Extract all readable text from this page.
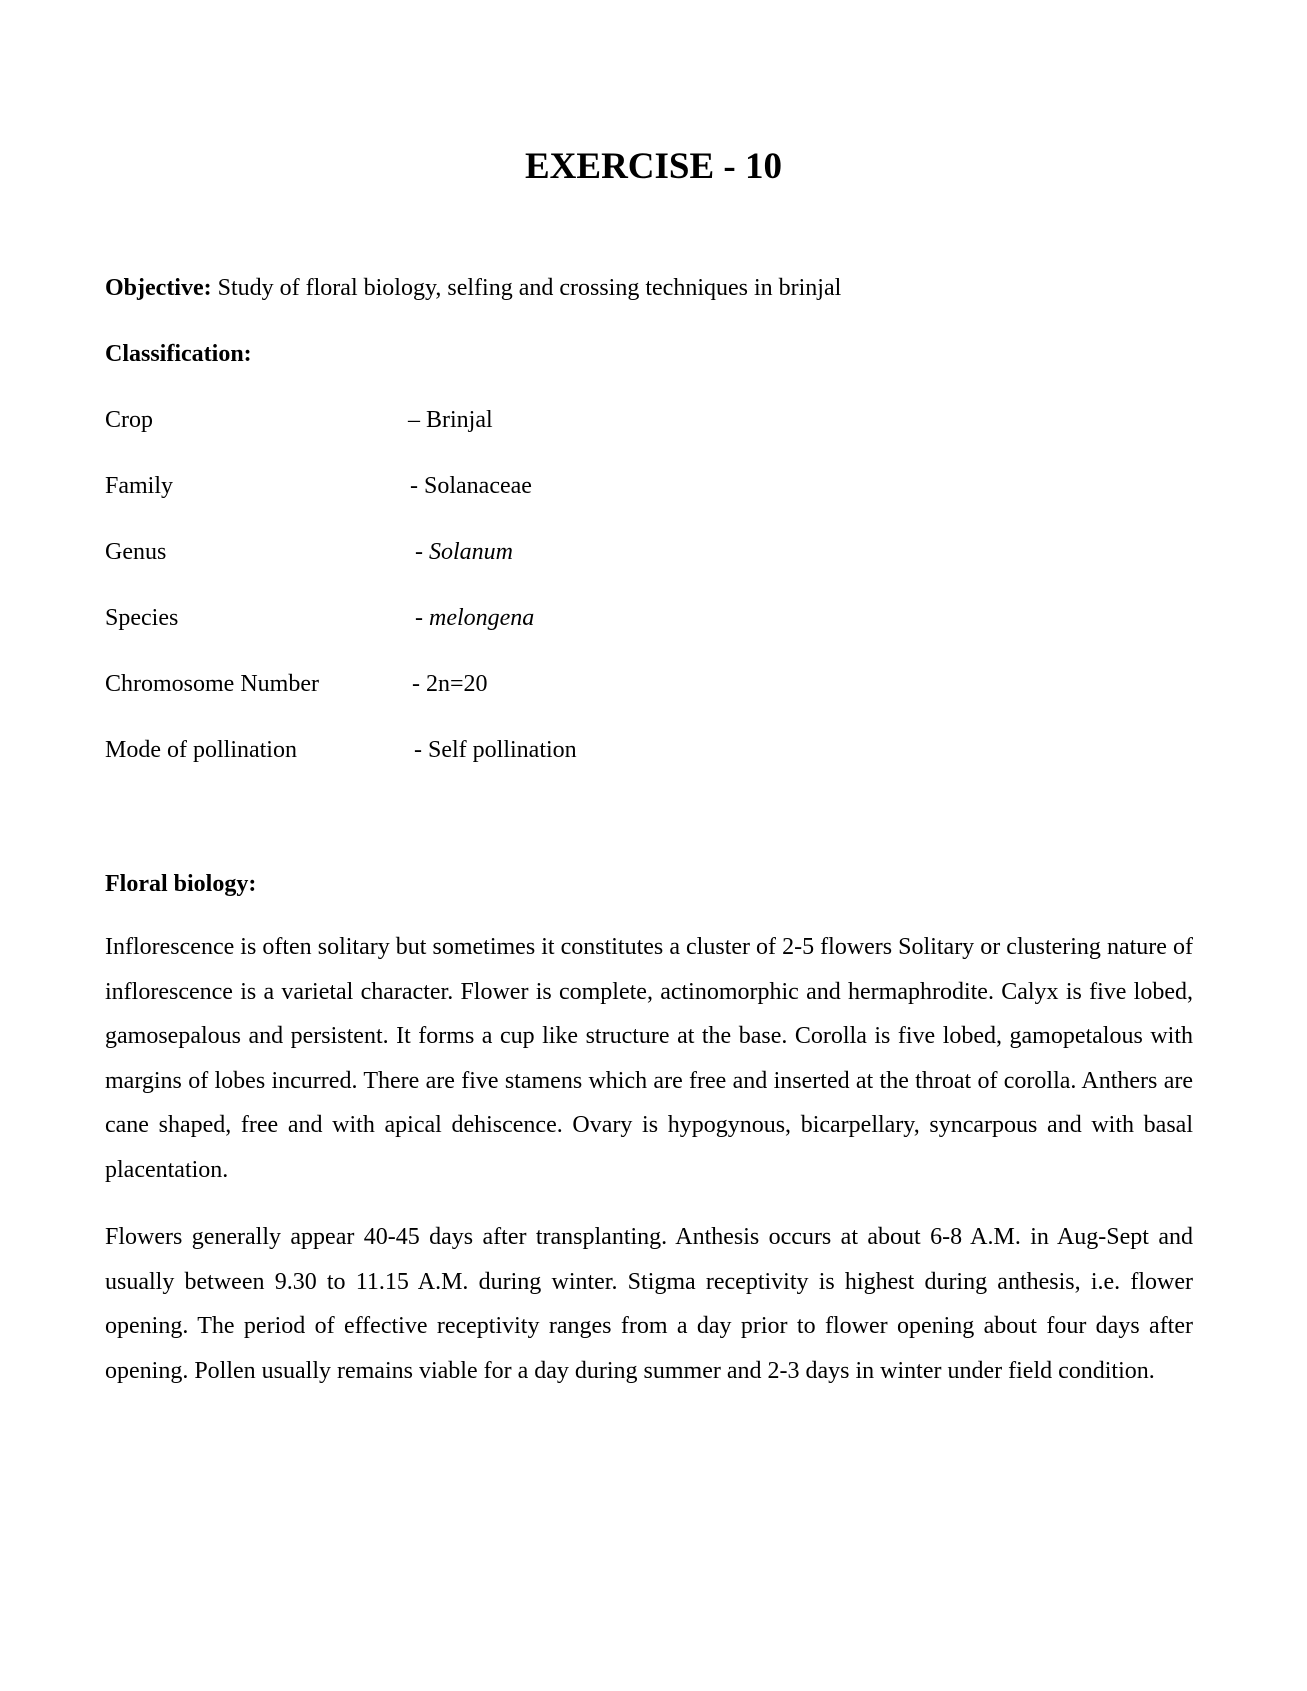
EXERCISE - 10

Objective: Study of floral biology, selfing and crossing techniques in brinjal

Classification:

Crop	– Brinjal
Family	- Solanaceae
Genus	- Solanum
Species	- melongena
Chromosome Number	- 2n=20
Mode of pollination	- Self pollination

Floral biology:

Inflorescence is often solitary but sometimes it constitutes a cluster of 2-5 flowers Solitary or clustering nature of inflorescence is a varietal character. Flower is complete, actinomorphic and hermaphrodite. Calyx is five lobed, gamosepalous and persistent. It forms a cup like structure at the base. Corolla is five lobed, gamopetalous with margins of lobes incurred. There are five stamens which are free and inserted at the throat of corolla. Anthers are cane shaped, free and with apical dehiscence. Ovary is hypogynous, bicarpellary, syncarpous and with basal placentation.

Flowers generally appear 40-45 days after transplanting. Anthesis occurs at about 6-8 A.M. in Aug-Sept and usually between 9.30 to 11.15 A.M. during winter. Stigma receptivity is highest during anthesis, i.e. flower opening. The period of effective receptivity ranges from a day prior to flower opening about four days after opening. Pollen usually remains viable for a day during summer and 2-3 days in winter under field condition.
